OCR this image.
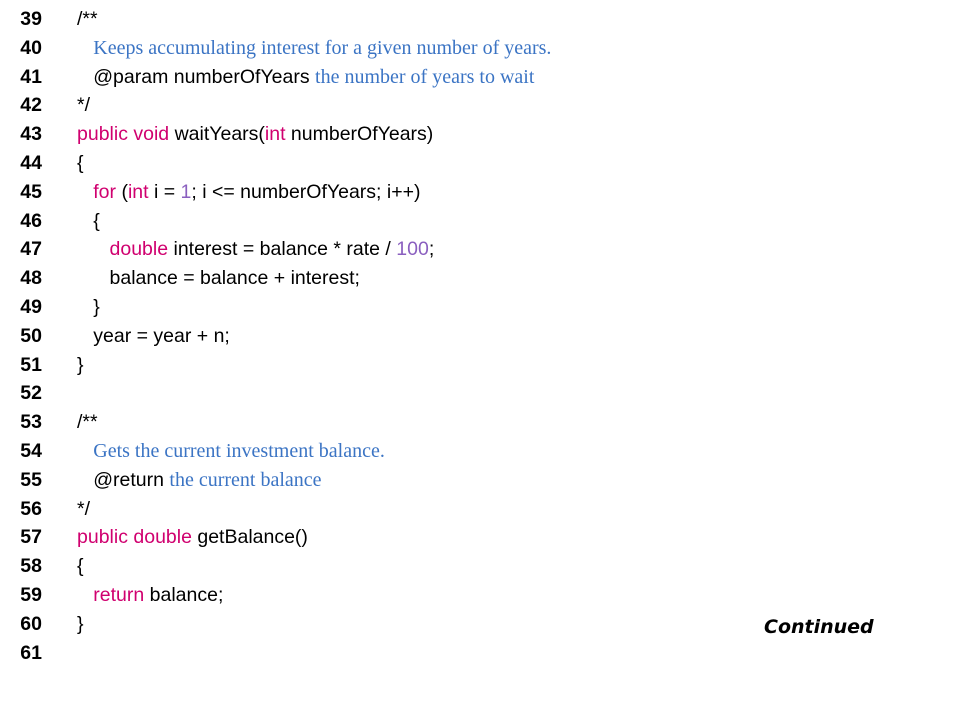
39 /**
40	Keeps accumulating interest for a given number of years.
41 @param numberOfYears the number of years to wait
42 */
43 public void waitYears(int numberOfYears)
44 {
45	for (int i = 1; i <= numberOfYears; i++)
46 {
47	double interest = balance * rate / 100;
48 balance = balance + interest;
49 }
50 year = year + n;
51 }
52
53 /**
54	Gets the current investment balance.
55 @return the current balance
56 */
57 public double getBalance()
58 {
59	return balance;
60 }
61
Continued
